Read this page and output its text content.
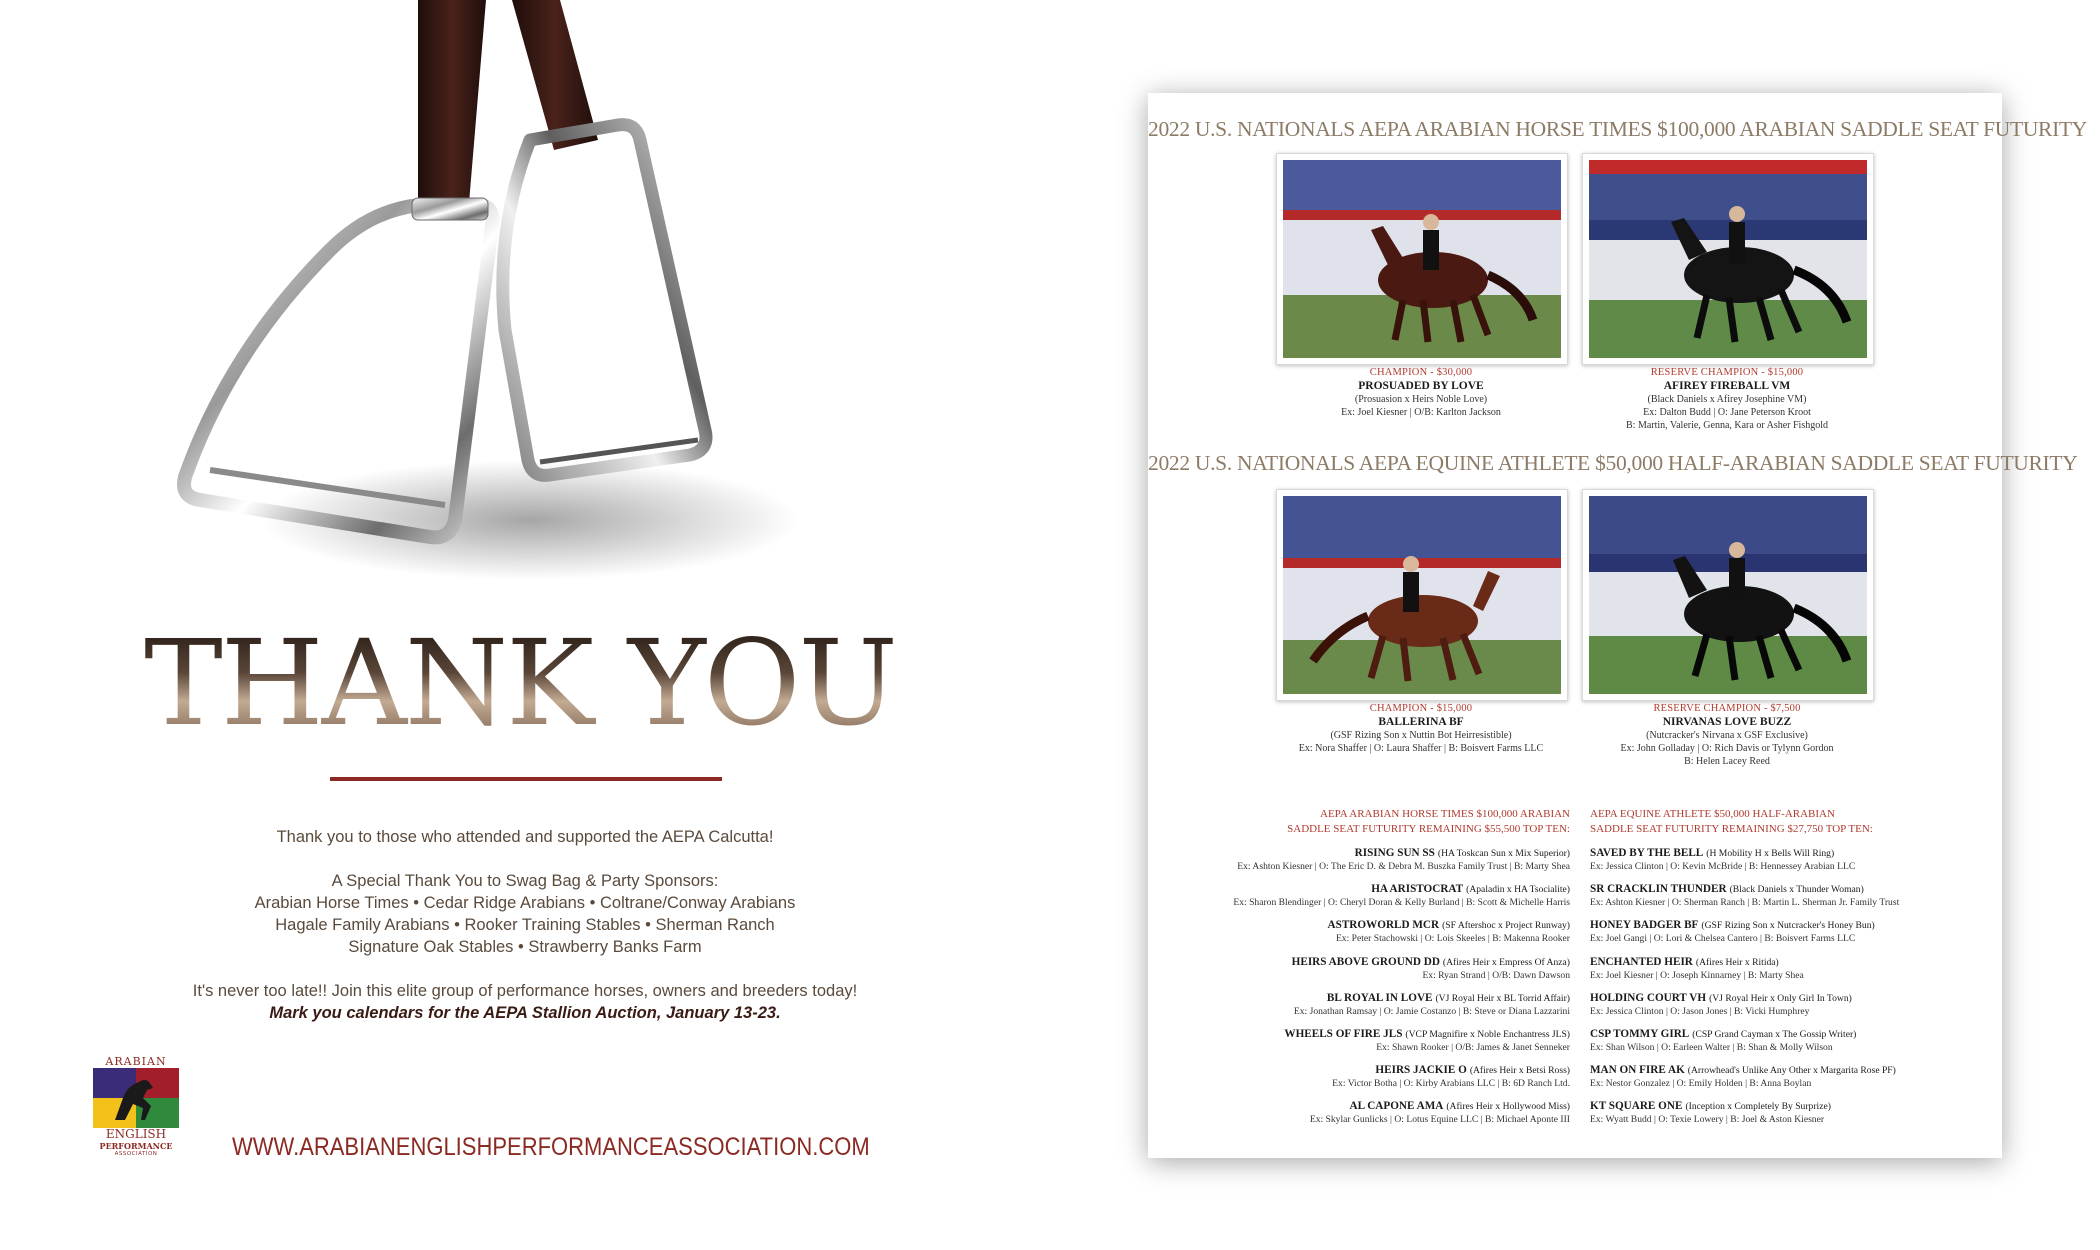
THANK YOU
Thank you to those who attended and supported the AEPA Calcutta!
A Special Thank You to Swag Bag & Party Sponsors:
Arabian Horse Times • Cedar Ridge Arabians • Coltrane/Conway Arabians
Hagale Family Arabians • Rooker Training Stables • Sherman Ranch
Signature Oak Stables • Strawberry Banks Farm
It's never too late!! Join this elite group of performance horses, owners and breeders today!
Mark you calendars for the AEPA Stallion Auction, January 13-23.
ARABIAN
ENGLISH
PERFORMANCE
ASSOCIATION	WWW.ARABIANENGLISHPERFORMANCEASSOCIATION.COM
2022 U.S. NATIONALS AEPA ARABIAN HORSE TIMES $100,000 ARABIAN SADDLE SEAT FUTURITY
CHAMPION - $30,000
PROSUADED BY LOVE
(Prosuasion x Heirs Noble Love)
Ex: Joel Kiesner | O/B: Karlton Jackson
RESERVE CHAMPION - $15,000
AFIREY FIREBALL VM
(Black Daniels x Afirey Josephine VM)
Ex: Dalton Budd | O: Jane Peterson Kroot
B: Martin, Valerie, Genna, Kara or Asher Fishgold
2022 U.S. NATIONALS AEPA EQUINE ATHLETE $50,000 HALF-ARABIAN SADDLE SEAT FUTURITY
CHAMPION - $15,000
BALLERINA BF
(GSF Rizing Son x Nuttin Bot Heirresistible)
Ex: Nora Shaffer | O: Laura Shaffer | B: Boisvert Farms LLC
RESERVE CHAMPION - $7,500
NIRVANAS LOVE BUZZ
(Nutcracker's Nirvana x GSF Exclusive)
Ex: John Golladay | O: Rich Davis or Tylynn Gordon
B: Helen Lacey Reed
AEPA ARABIAN HORSE TIMES $100,000 ARABIAN
SADDLE SEAT FUTURITY REMAINING $55,500 TOP TEN:
AEPA EQUINE ATHLETE $50,000 HALF-ARABIAN
SADDLE SEAT FUTURITY REMAINING $27,750 TOP TEN:
RISING SUN SS (HA Toskcan Sun x Mix Superior)
Ex: Ashton Kiesner | O: The Eric D. & Debra M. Buszka Family Trust | B: Marty Shea
HA ARISTOCRAT (Apaladin x HA Tsocialite)
Ex: Sharon Blendinger | O: Cheryl Doran & Kelly Burland | B: Scott & Michelle Harris
ASTROWORLD MCR (SF Aftershoc x Project Runway)
Ex: Peter Stachowski | O: Lois Skeeles | B: Makenna Rooker
HEIRS ABOVE GROUND DD (Afires Heir x Empress Of Anza)
Ex: Ryan Strand | O/B: Dawn Dawson
BL ROYAL IN LOVE (VJ Royal Heir x BL Torrid Affair)
Ex: Jonathan Ramsay | O: Jamie Costanzo | B: Steve or Diana Lazzarini
WHEELS OF FIRE JLS (VCP Magnifire x Noble Enchantress JLS)
Ex: Shawn Rooker | O/B: James & Janet Senneker
HEIRS JACKIE O (Afires Heir x Betsi Ross)
Ex: Victor Botha | O: Kirby Arabians LLC | B: 6D Ranch Ltd.
AL CAPONE AMA (Afires Heir x Hollywood Miss)
Ex: Skylar Gunlicks | O: Lotus Equine LLC | B: Michael Aponte III
SAVED BY THE BELL (H Mobility H x Bells Will Ring)
Ex: Jessica Clinton | O: Kevin McBride | B: Hennessey Arabian LLC
SR CRACKLIN THUNDER (Black Daniels x Thunder Woman)
Ex: Ashton Kiesner | O: Sherman Ranch | B: Martin L. Sherman Jr. Family Trust
HONEY BADGER BF (GSF Rizing Son x Nutcracker's Honey Bun)
Ex: Joel Gangi | O: Lori & Chelsea Cantero | B: Boisvert Farms LLC
ENCHANTED HEIR (Afires Heir x Ritida)
Ex: Joel Kiesner | O: Joseph Kinnarney | B: Marty Shea
HOLDING COURT VH (VJ Royal Heir x Only Girl In Town)
Ex: Jessica Clinton | O: Jason Jones | B: Vicki Humphrey
CSP TOMMY GIRL (CSP Grand Cayman x The Gossip Writer)
Ex: Shan Wilson | O: Earleen Walter | B: Shan & Molly Wilson
MAN ON FIRE AK (Arrowhead's Unlike Any Other x Margarita Rose PF)
Ex: Nestor Gonzalez | O: Emily Holden | B: Anna Boylan
KT SQUARE ONE (Inception x Completely By Surprize)
Ex: Wyatt Budd | O: Texie Lowery | B: Joel & Aston Kiesner
